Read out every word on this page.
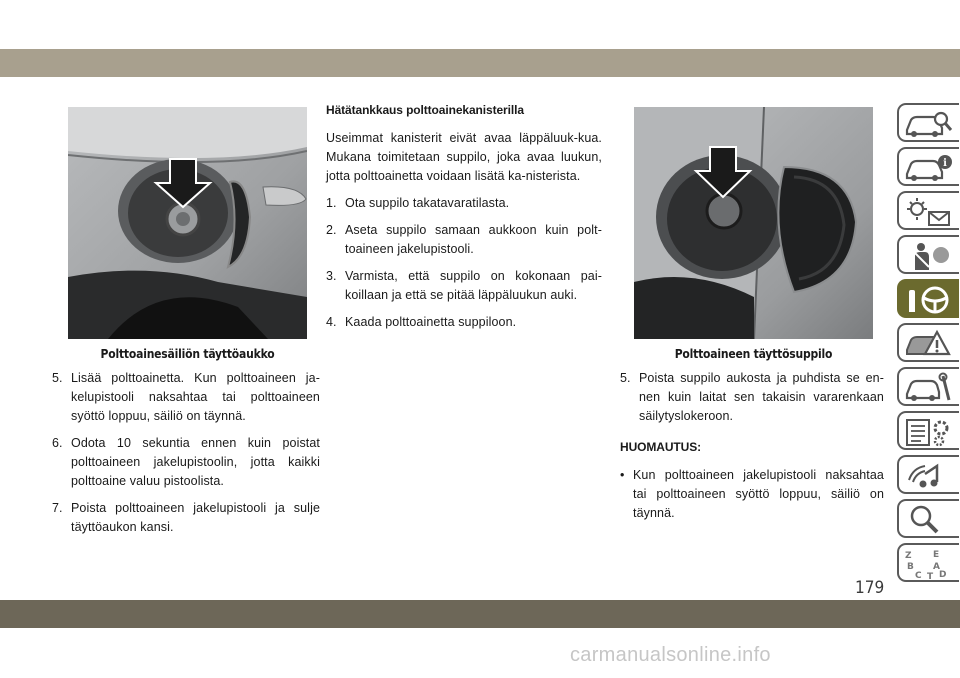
Polttoainesäiliön täyttöaukko	Polttoaineen täyttösuppilo
5. Lisää polttoainetta. Kun polttoaineen ja-kelupistooli naksahtaa tai polttoaineen syöttö loppuu, säiliö on täynnä.
6. Odota 10 sekuntia ennen kuin poistat polttoaineen jakelupistoolin, jotta kaikki polttoaine valuu pistoolista.
7. Poista polttoaineen jakelupistooli ja sulje täyttöaukon kansi.
Hätätankkaus polttoainekanisterilla

Useimmat kanisterit eivät avaa läppäluuk-kua. Mukana toimitetaan suppilo, joka avaa luukun, jotta polttoainetta voidaan lisätä ka-nisterista.

1. Ota suppilo takatavaratilasta.
2. Aseta suppilo samaan aukkoon kuin polt-toaineen jakelupistooli.
3. Varmista, että suppilo on kokonaan pai-koillaan ja että se pitää läppäluukun auki.
4. Kaada polttoainetta suppiloon.
5. Poista suppilo aukosta ja puhdista se en-nen kuin laitat sen takaisin vararenkaan säilytyslokeroon.
HUOMAUTUS:
• Kun polttoaineen jakelupistooli naksahtaa tai polttoaineen syöttö loppuu, säiliö on täynnä.
i
Z E
B A
C D
T
179
carmanualsonline.info
